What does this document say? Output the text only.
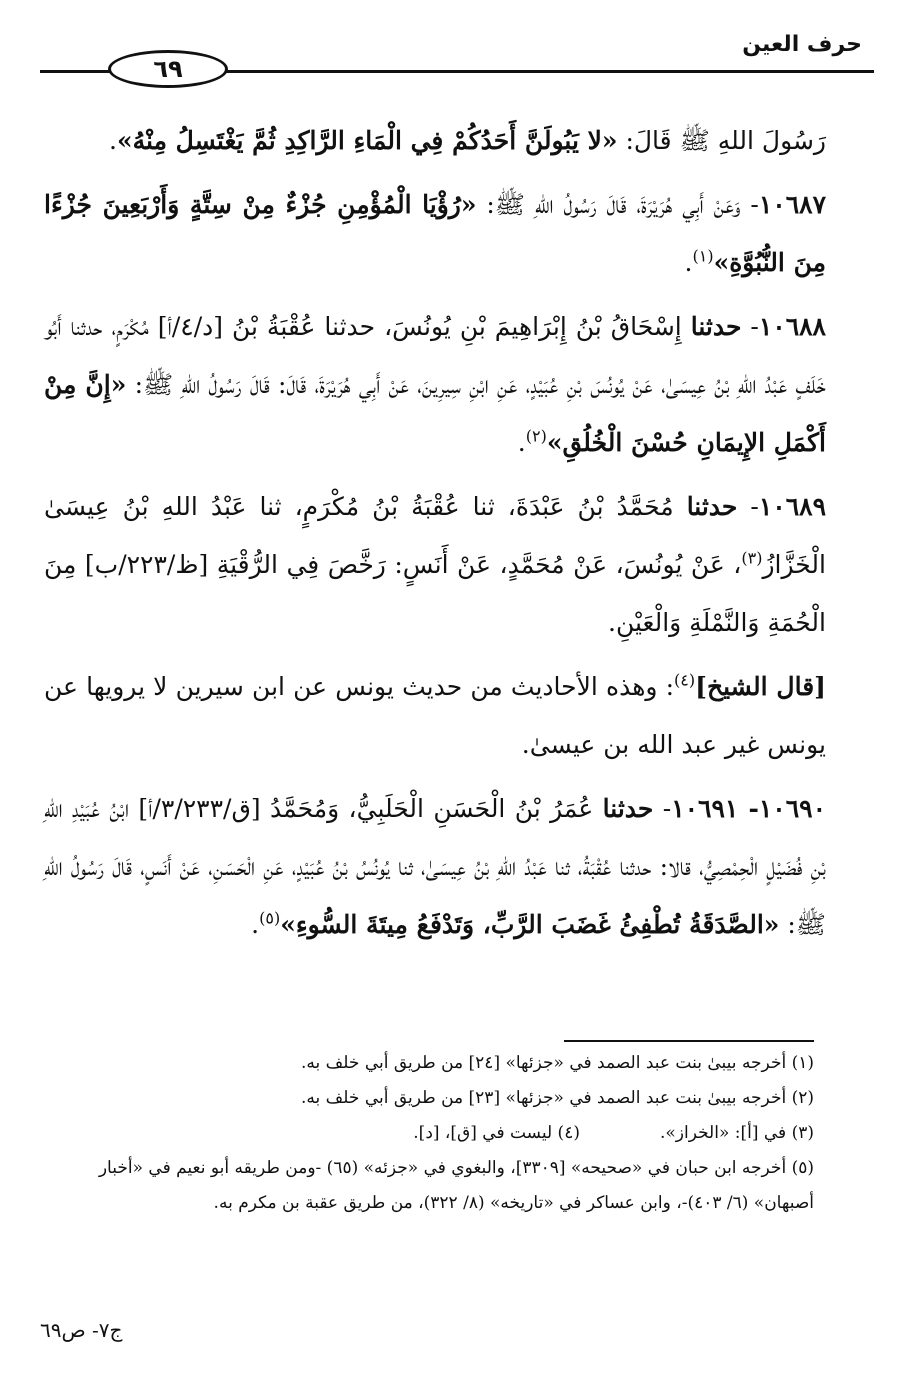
حرف العين
٦٩

رَسُولَ اللهِ ﷺ قَالَ: «لا يَبُولَنَّ أَحَدُكُمْ فِي الْمَاءِ الرَّاكِدِ ثُمَّ يَغْتَسِلُ مِنْهُ».

١٠٦٨٧- وَعَنْ أَبِي هُرَيْرَةَ، قَالَ رَسُولُ اللهِ ﷺ: «رُؤْيَا الْمُؤْمِنِ جُزْءٌ مِنْ سِتَّةٍ وَأَرْبَعِينَ جُزْءًا مِنَ النُّبُوَّةِ»$^{(١)}$.

١٠٦٨٨- حدثنا إِسْحَاقُ بْنُ إِبْرَاهِيمَ بْنِ يُونُسَ، حدثنا عُقْبَةُ بْنُ [د/٤/أ] مُكْرَمٍ، حدثنا أَبُو خَلَفٍ عَبْدُ اللهِ بْنُ عِيسَىٰ، عَنْ يُونُسَ بْنِ عُبَيْدٍ، عَنِ ابْنِ سِيرِينَ، عَنْ أَبِي هُرَيْرَةَ، قَالَ: قَالَ رَسُولُ اللهِ ﷺ: «إِنَّ مِنْ أَكْمَلِ الإِيمَانِ حُسْنَ الْخُلُقِ»$^{(٢)}$.

١٠٦٨٩- حدثنا مُحَمَّدُ بْنُ عَبْدَةَ، ثنا عُقْبَةُ بْنُ مُكْرَمٍ، ثنا عَبْدُ اللهِ بْنُ عِيسَىٰ الْخَزَّازُ$^{(٣)}$، عَنْ يُونُسَ، عَنْ مُحَمَّدٍ، عَنْ أَنَسٍ: رَخَّصَ فِي الرُّقْيَةِ [ظ/٢٢٣/ب] مِنَ الْحُمَةِ وَالنَّمْلَةِ وَالْعَيْنِ.

[قال الشيخ]$^{(٤)}$: وهذه الأحاديث من حديث يونس عن ابن سيرين لا يرويها عن يونس غير عبد الله بن عيسىٰ.

١٠٦٩٠- ١٠٦٩١- حدثنا عُمَرُ بْنُ الْحَسَنِ الْحَلَبِيُّ، وَمُحَمَّدُ [ق/٣/٢٣٣/أ] ابْنُ عُبَيْدِ اللهِ بْنِ فُضَيْلٍ الْحِمْصِيُّ، قالا: حدثنا عُقْبَةُ، ثنا عَبْدُ اللهِ بْنُ عِيسَىٰ، ثنا يُونُسُ بْنُ عُبَيْدٍ، عَنِ الْحَسَنِ، عَنْ أَنَسٍ، قَالَ رَسُولُ اللهِ ﷺ: «الصَّدَقَةُ تُطْفِئُ غَضَبَ الرَّبِّ، وَتَدْفَعُ مِيتَةَ السُّوءِ»$^{(٥)}$.

(١) أخرجه بيبىٰ بنت عبد الصمد في «جزئها» [٢٤] من طريق أبي خلف به.

(٢) أخرجه بيبىٰ بنت عبد الصمد في «جزئها» [٢٣] من طريق أبي خلف به.

(٣) في [أ]: «الخراز».(٤) ليست في [ق]، [د].

(٥) أخرجه ابن حبان في «صحيحه» [٣٣٠٩]، والبغوي في «جزئه» (٦٥) -ومن طريقه أبو نعيم في «أخبار أصبهان» (٦/ ٤٠٣)-، وابن عساكر في «تاريخه» (٨/ ٣٢٢)، من طريق عقبة بن مكرم به.

ج٧- ص٦٩
